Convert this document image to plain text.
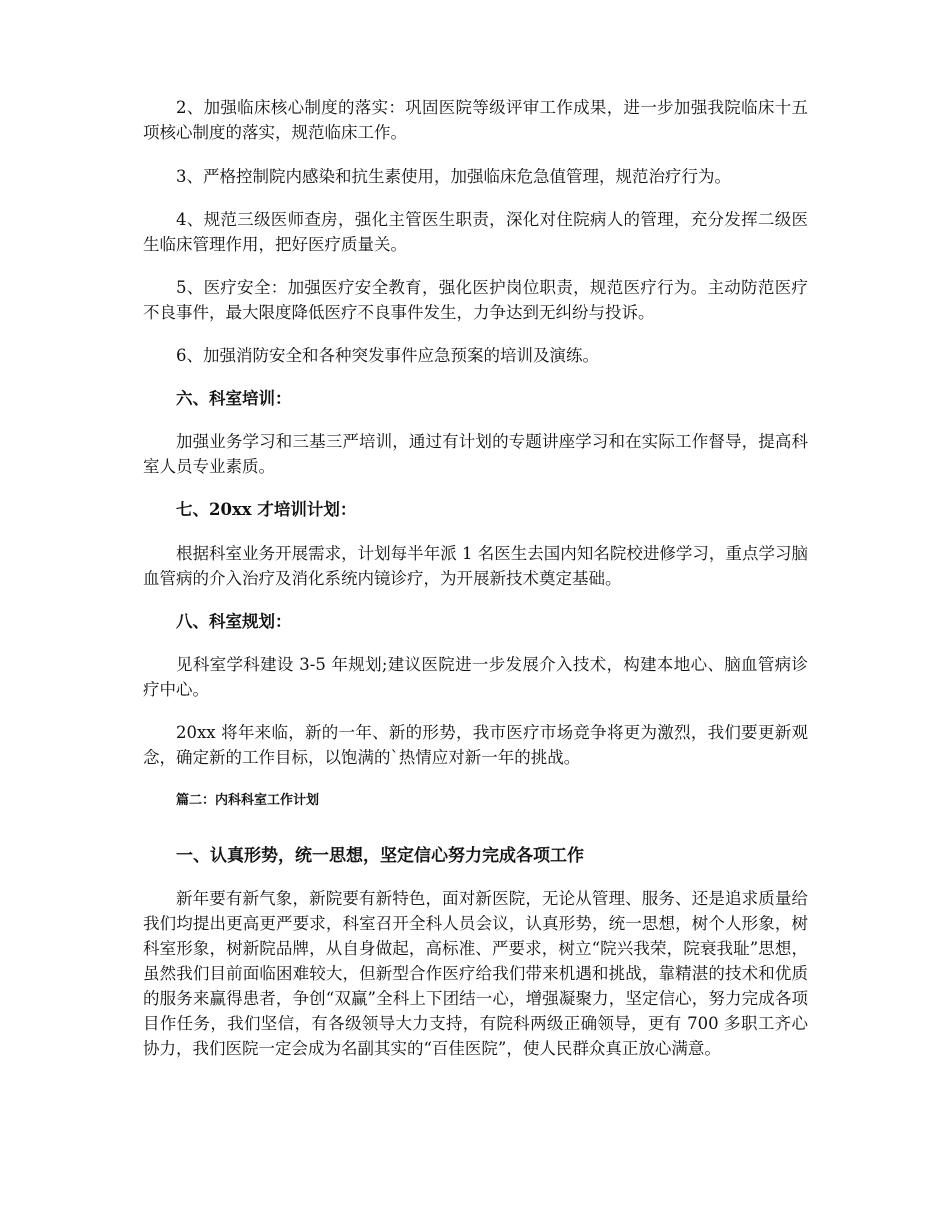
2、加强临床核心制度的落实：巩固医院等级评审工作成果，进一步加强我院临床十五项核心制度的落实，规范临床工作。

3、严格控制院内感染和抗生素使用，加强临床危急值管理，规范治疗行为。

4、规范三级医师查房，强化主管医生职责，深化对住院病人的管理，充分发挥二级医生临床管理作用，把好医疗质量关。

5、医疗安全：加强医疗安全教育，强化医护岗位职责，规范医疗行为。主动防范医疗不良事件，最大限度降低医疗不良事件发生，力争达到无纠纷与投诉。

6、加强消防安全和各种突发事件应急预案的培训及演练。

六、科室培训：

加强业务学习和三基三严培训，通过有计划的专题讲座学习和在实际工作督导，提高科室人员专业素质。

七、20xx 才培训计划：

根据科室业务开展需求，计划每半年派 1 名医生去国内知名院校进修学习，重点学习脑血管病的介入治疗及消化系统内镜诊疗，为开展新技术奠定基础。

八、科室规划：

见科室学科建设 3-5 年规划;建议医院进一步发展介入技术，构建本地心、脑血管病诊疗中心。

20xx 将年来临，新的一年、新的形势，我市医疗市场竞争将更为激烈，我们要更新观念，确定新的工作目标，以饱满的`热情应对新一年的挑战。

篇二：内科科室工作计划

一、认真形势，统一思想，坚定信心努力完成各项工作

新年要有新气象，新院要有新特色，面对新医院，无论从管理、服务、还是追求质量给我们均提出更高更严要求，科室召开全科人员会议，认真形势，统一思想，树个人形象，树科室形象，树新院品牌，从自身做起，高标准、严要求，树立“院兴我荣，院衰我耻”思想，虽然我们目前面临困难较大，但新型合作医疗给我们带来机遇和挑战，靠精湛的技术和优质的服务来赢得患者，争创“双赢”全科上下团结一心，增强凝聚力，坚定信心，努力完成各项目作任务，我们坚信，有各级领导大力支持，有院科两级正确领导，更有 700 多职工齐心协力，我们医院一定会成为名副其实的“百佳医院”，使人民群众真正放心满意。
